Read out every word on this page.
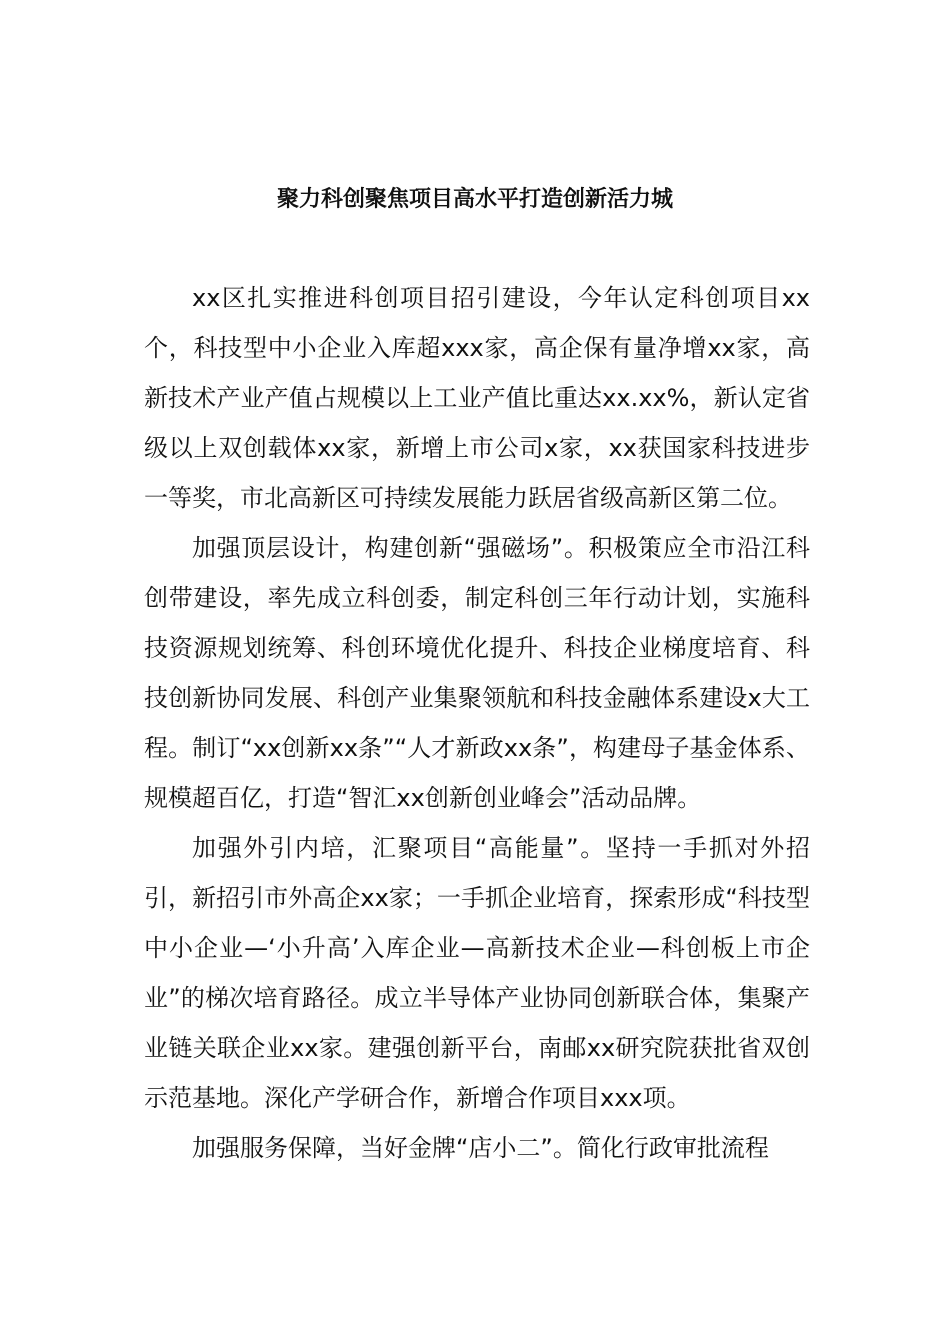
聚力科创聚焦项目高水平打造创新活力城

xx区扎实推进科创项目招引建设，今年认定科创项目xx个，科技型中小企业入库超xxx家，高企保有量净增xx家，高新技术产业产值占规模以上工业产值比重达xx.xx%，新认定省级以上双创载体xx家，新增上市公司x家，xx获国家科技进步一等奖，市北高新区可持续发展能力跃居省级高新区第二位。

加强顶层设计，构建创新“强磁场”。积极策应全市沿江科创带建设，率先成立科创委，制定科创三年行动计划，实施科技资源规划统筹、科创环境优化提升、科技企业梯度培育、科技创新协同发展、科创产业集聚领航和科技金融体系建设x大工程。制订“xx创新xx条”“人才新政xx条”，构建母子基金体系、规模超百亿，打造“智汇xx创新创业峰会”活动品牌。

加强外引内培，汇聚项目“高能量”。坚持一手抓对外招引，新招引市外高企xx家；一手抓企业培育，探索形成“科技型中小企业—‘小升高’入库企业—高新技术企业—科创板上市企业”的梯次培育路径。成立半导体产业协同创新联合体，集聚产业链关联企业xx家。建强创新平台，南邮xx研究院获批省双创示范基地。深化产学研合作，新增合作项目xxx项。

加强服务保障，当好金牌“店小二”。简化行政审批流程
